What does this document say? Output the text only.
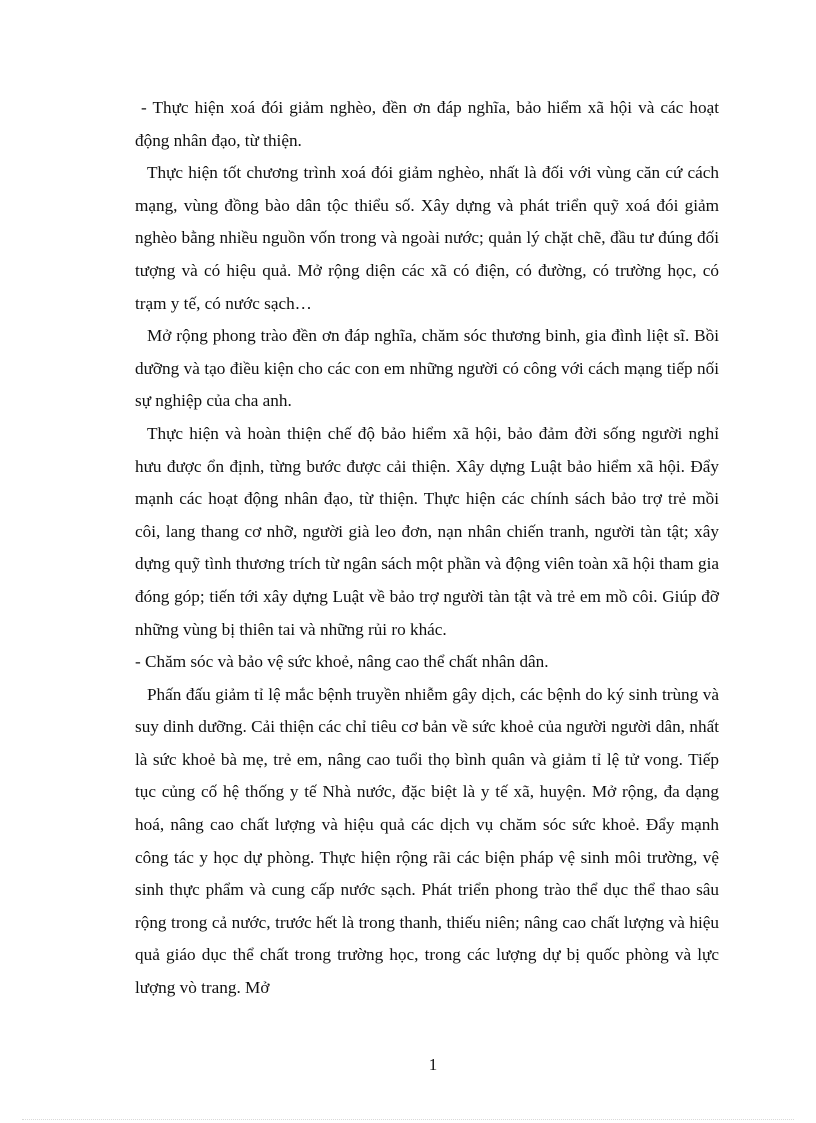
- Thực hiện xoá đói giảm nghèo, đền ơn đáp nghĩa, bảo hiểm xã hội và các hoạt động nhân đạo, từ thiện.

Thực hiện tốt chương trình xoá đói giảm nghèo, nhất là đối với vùng căn cứ cách mạng, vùng đồng bào dân tộc thiểu số. Xây dựng và phát triển quỹ xoá đói giảm nghèo bằng nhiều nguồn vốn trong và ngoài nước; quản lý chặt chẽ, đầu tư đúng đối tượng và có hiệu quả. Mở rộng diện các xã có điện, có đường, có trường học, có trạm y tế, có nước sạch…

Mở rộng phong trào đền ơn đáp nghĩa, chăm sóc thương binh, gia đình liệt sĩ. Bồi dưỡng và tạo điều kiện cho các con em những người có công với cách mạng tiếp nối sự nghiệp của cha anh.

Thực hiện và hoàn thiện chế độ bảo hiểm xã hội, bảo đảm đời sống người nghỉ hưu được ổn định, từng bước được cải thiện. Xây dựng Luật bảo hiểm xã hội. Đẩy mạnh các hoạt động nhân đạo, từ thiện. Thực hiện các chính sách bảo trợ trẻ mồi côi, lang thang cơ nhỡ, người già leo đơn, nạn nhân chiến tranh, người tàn tật; xây dựng quỹ tình thương trích từ ngân sách một phần và động viên toàn xã hội tham gia đóng góp; tiến tới xây dựng Luật về bảo trợ người tàn tật và trẻ em mồ côi. Giúp đỡ những vùng bị thiên tai và những rủi ro khác.

- Chăm sóc và bảo vệ sức khoẻ, nâng cao thể chất nhân dân.

Phấn đấu giảm tỉ lệ mắc bệnh truyền nhiễm gây dịch, các bệnh do ký sinh trùng và suy dinh dưỡng. Cải thiện các chỉ tiêu cơ bản về sức khoẻ của người người dân, nhất là sức khoẻ bà mẹ, trẻ em, nâng cao tuổi thọ bình quân và giảm tỉ lệ tử vong. Tiếp tục củng cố hệ thống y tế Nhà nước, đặc biệt là y tế xã, huyện. Mở rộng, đa dạng hoá, nâng cao chất lượng và hiệu quả các dịch vụ chăm sóc sức khoẻ. Đẩy mạnh công tác y học dự phòng. Thực hiện rộng rãi các biện pháp vệ sinh môi trường, vệ sinh thực phẩm và cung cấp nước sạch. Phát triển phong trào thể dục thể thao sâu rộng trong cả nước, trước hết là trong thanh, thiếu niên; nâng cao chất lượng và hiệu quả giáo dục thể chất trong trường học, trong các lượng dự bị quốc phòng và lực lượng vò trang. Mở

1
